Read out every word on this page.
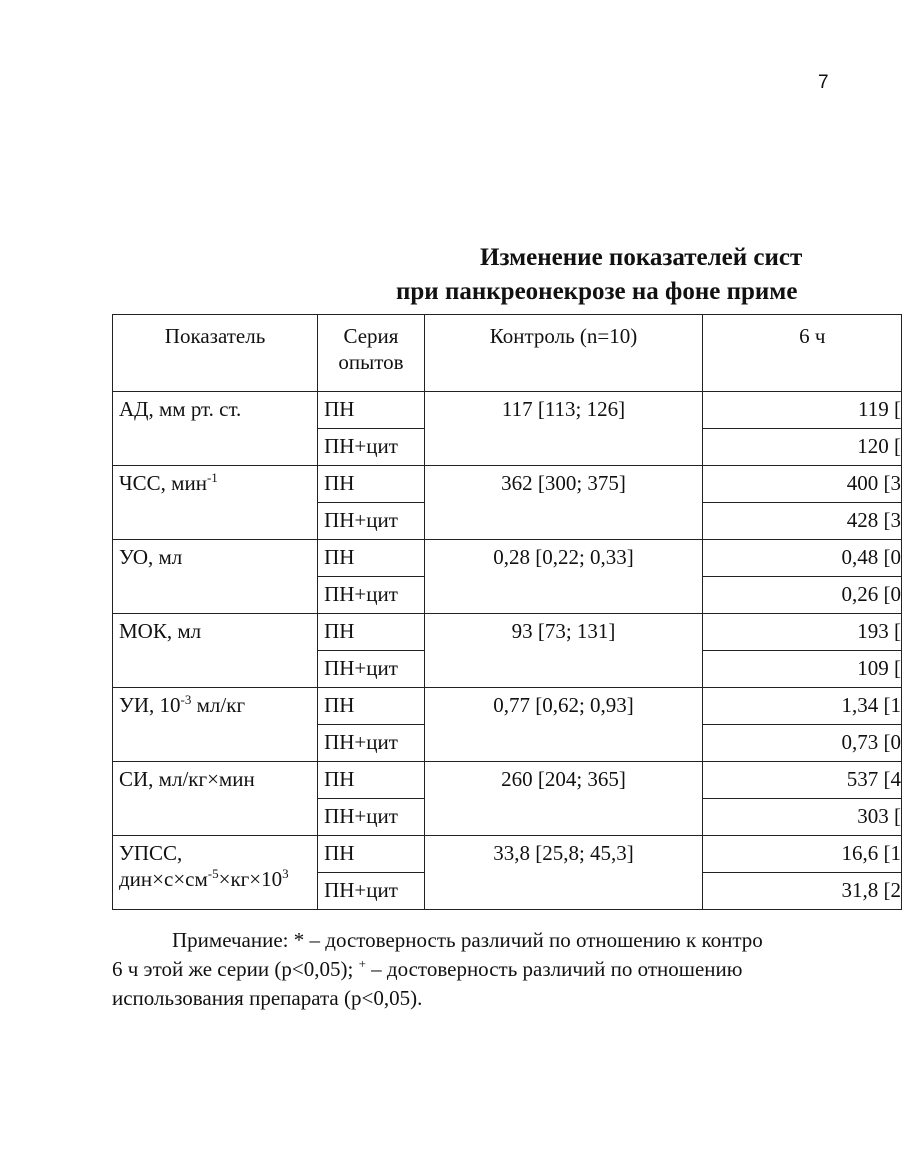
7
Изменение показателей сист
при панкреонекрозе на фоне приме
Показатель	Серия опытов	Контроль (n=10)	6 ч
АД, мм рт. ст.	ПН	117 [113; 126]	119 [
	ПН+цит		120 [
ЧСС, мин$^{-1}$	ПН	362 [300; 375]	400 [3
	ПН+цит		428 [3
УО, мл	ПН	0,28 [0,22; 0,33]	0,48 [0
	ПН+цит		0,26 [0
МОК, мл	ПН	93 [73; 131]	193 [
	ПН+цит		109 [
УИ, $10^{-3}$ мл/кг	ПН	0,77 [0,62; 0,93]	1,34 [1
	ПН+цит		0,73 [0
СИ, мл/кг×мин	ПН	260 [204; 365]	537 [4
	ПН+цит		303 [
УПСС,
$дин\times с\times см^{-5}\times кг\times 10^3$	ПН	33,8 [25,8; 45,3]	16,6 [1
	ПН+цит		31,8 [2
Примечание: * – достоверность различий по отношению к контро
6 ч этой же серии (p<0,05); + – достоверность различий по отношению
использования препарата (p<0,05).
